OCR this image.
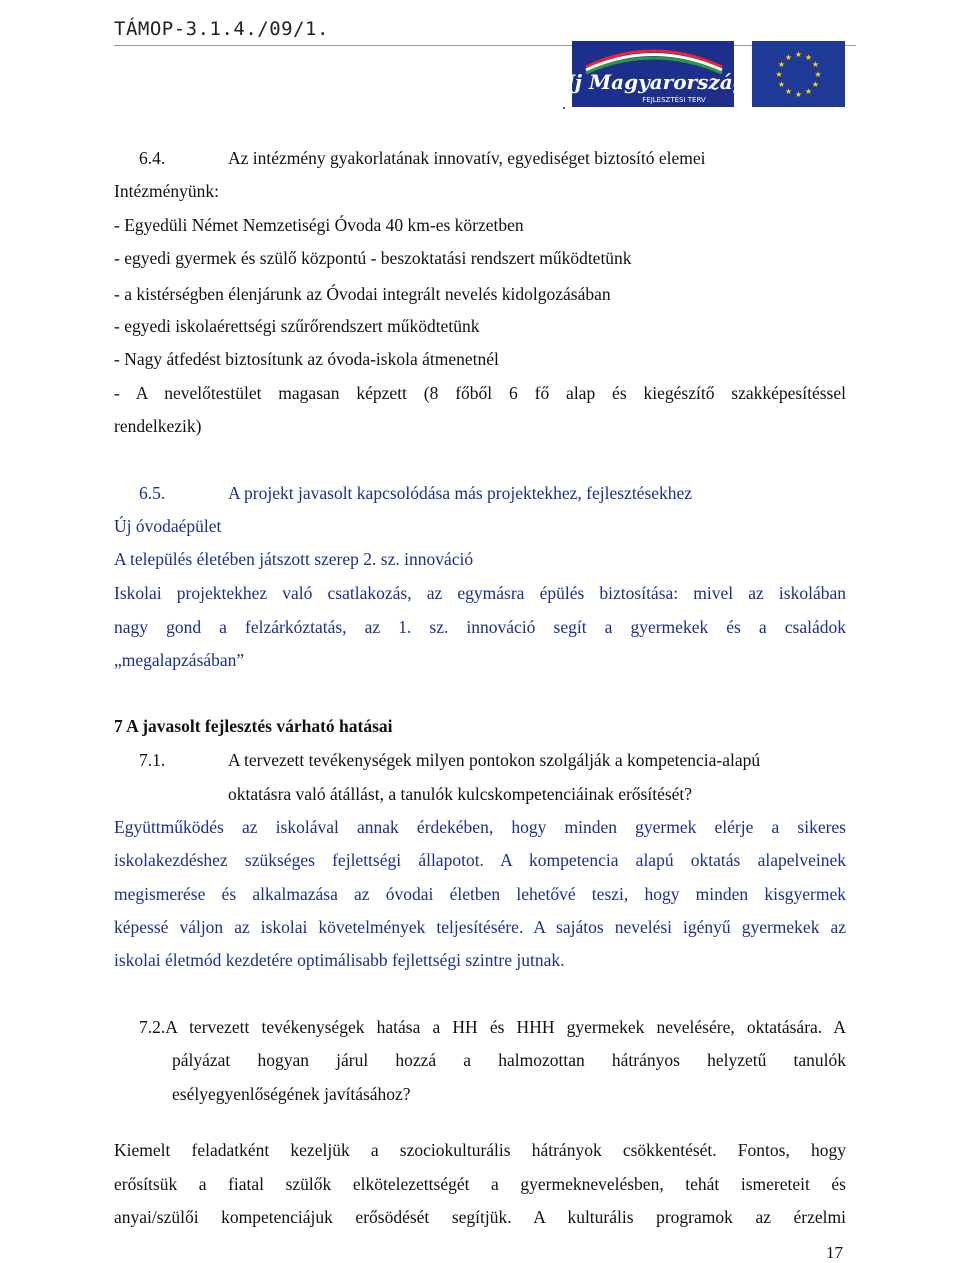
TÁMOP-3.1.4./09/1.
Új Magyarország
FEJLESZTÉSI TERV
★ ★
★
★
★
★
★
★
★
★
★
★
.
6.4.	Az intézmény gyakorlatának innovatív, egyediséget biztosító elemei
Intézményünk:
- Egyedüli Német Nemzetiségi Óvoda 40 km-es körzetben
- egyedi gyermek és szülő központú - beszoktatási rendszert működtetünk
- a kistérségben élenjárunk az Óvodai integrált nevelés kidolgozásában
- egyedi iskolaérettségi szűrőrendszert működtetünk
- Nagy átfedést biztosítunk az óvoda-iskola átmenetnél
- A nevelőtestület magasan képzett (8 főből 6 fő alap és kiegészítő szakképesítéssel
rendelkezik)
6.5.	A projekt javasolt kapcsolódása más projektekhez, fejlesztésekhez
Új óvodaépület
A település életében játszott szerep 2. sz. innováció
Iskolai projektekhez való csatlakozás, az egymásra épülés biztosítása: mivel az iskolában
nagy gond a felzárkóztatás, az 1. sz. innováció segít a gyermekek és a családok
„megalapzásában”
7 A javasolt fejlesztés várható hatásai
7.1.	A tervezett tevékenységek milyen pontokon szolgálják a kompetencia-alapú
oktatásra való átállást, a tanulók kulcskompetenciáinak erősítését?
Együttműködés az iskolával annak érdekében, hogy minden gyermek elérje a sikeres
iskolakezdéshez szükséges fejlettségi állapotot. A kompetencia alapú oktatás alapelveinek
megismerése és alkalmazása az óvodai életben lehetővé teszi, hogy minden kisgyermek
képessé váljon az iskolai követelmények teljesítésére. A sajátos nevelési igényű gyermekek az
iskolai életmód kezdetére optimálisabb fejlettségi szintre jutnak.
7.2.A tervezett tevékenységek hatása a HH és HHH gyermekek nevelésére, oktatására. A
pályázat hogyan járul hozzá a halmozottan hátrányos helyzetű tanulók
esélyegyenlőségének javításához?
Kiemelt feladatként kezeljük a szociokulturális hátrányok csökkentését. Fontos, hogy
erősítsük a fiatal szülők elkötelezettségét a gyermeknevelésben, tehát ismereteit és
anyai/szülői kompetenciájuk erősödését segítjük. A kulturális programok az érzelmi
17
